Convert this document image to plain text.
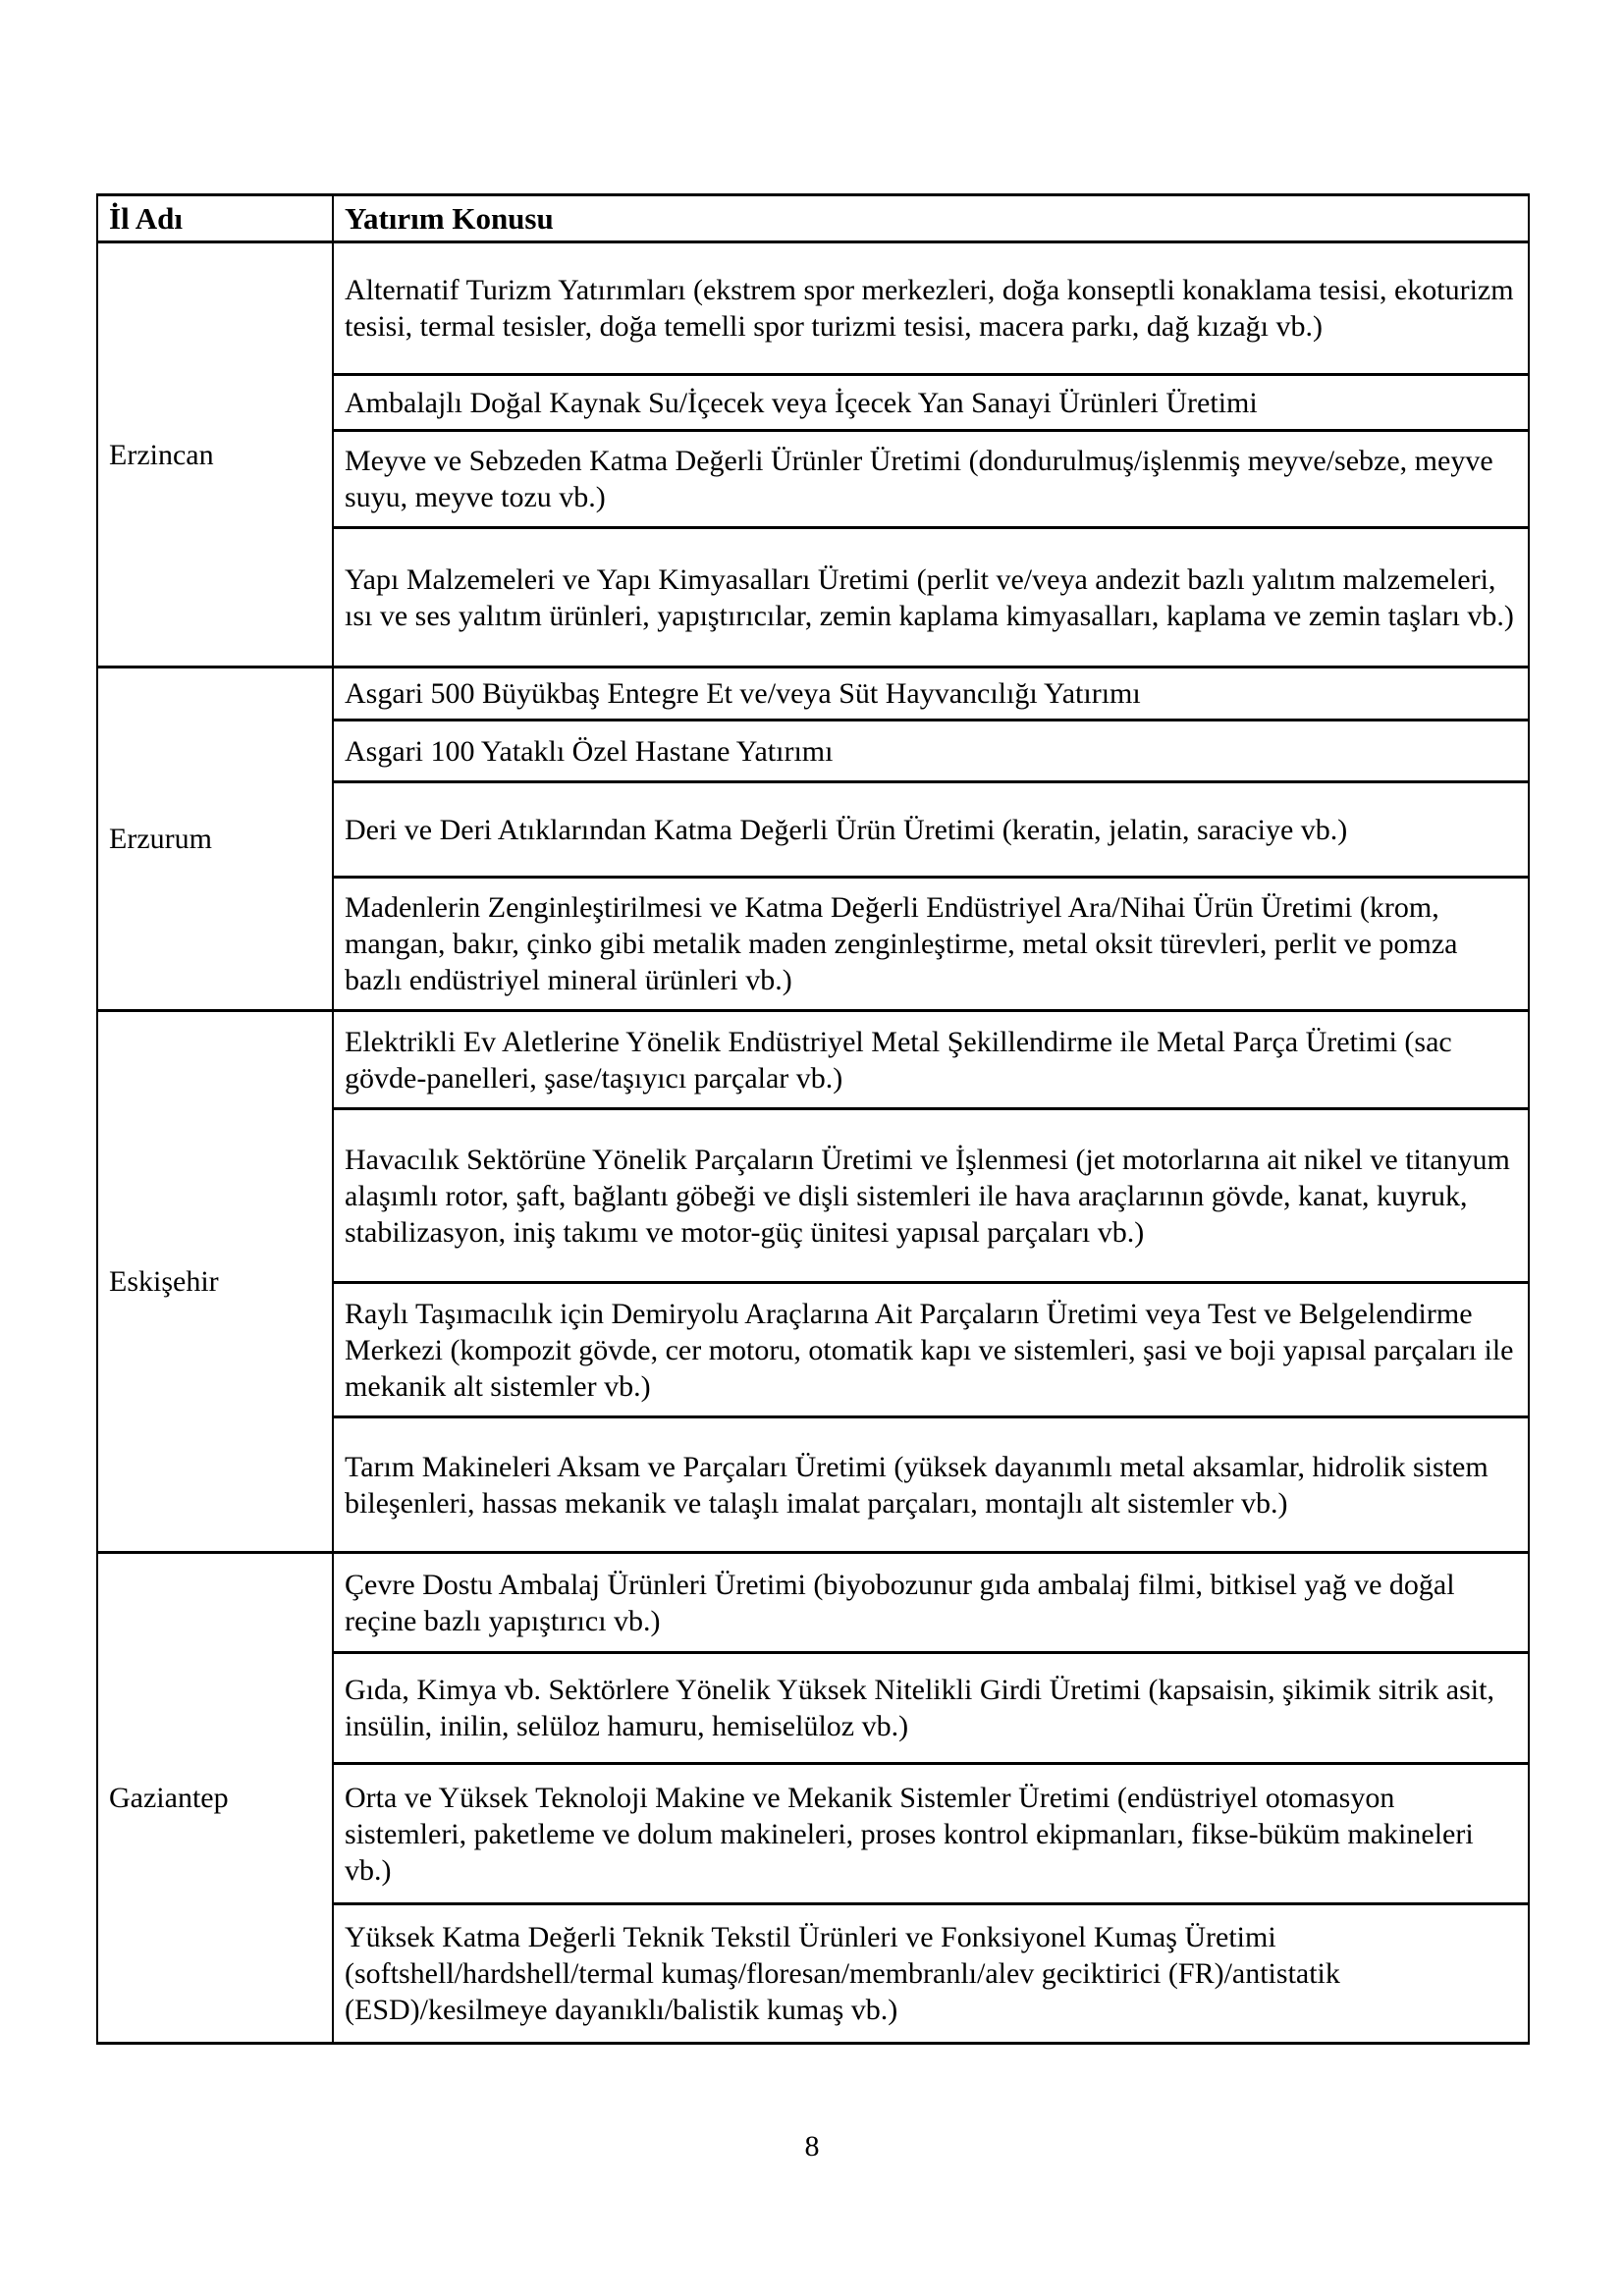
İl Adı	Yatırım Konusu
Erzincan	Alternatif Turizm Yatırımları (ekstrem spor merkezleri, doğa konseptli konaklama tesisi, ekoturizm tesisi, termal tesisler, doğa temelli spor turizmi tesisi, macera parkı, dağ kızağı vb.)
	Ambalajlı Doğal Kaynak Su/İçecek veya İçecek Yan Sanayi Ürünleri Üretimi
	Meyve ve Sebzeden Katma Değerli Ürünler Üretimi (dondurulmuş/işlenmiş meyve/sebze, meyve suyu, meyve tozu vb.)
	Yapı Malzemeleri ve Yapı Kimyasalları Üretimi (perlit ve/veya andezit bazlı yalıtım malzemeleri, ısı ve ses yalıtım ürünleri, yapıştırıcılar, zemin kaplama kimyasalları, kaplama ve zemin taşları vb.)
Erzurum	Asgari 500 Büyükbaş Entegre Et ve/veya Süt Hayvancılığı Yatırımı
	Asgari 100 Yataklı Özel Hastane Yatırımı
	Deri ve Deri Atıklarından Katma Değerli Ürün Üretimi (keratin, jelatin, saraciye vb.)
	Madenlerin Zenginleştirilmesi ve Katma Değerli Endüstriyel Ara/Nihai Ürün Üretimi (krom, mangan, bakır, çinko gibi metalik maden zenginleştirme, metal oksit türevleri, perlit ve pomza bazlı endüstriyel mineral ürünleri vb.)
Eskişehir	Elektrikli Ev Aletlerine Yönelik Endüstriyel Metal Şekillendirme ile Metal Parça Üretimi (sac gövde-panelleri, şase/taşıyıcı parçalar vb.)
	Havacılık Sektörüne Yönelik Parçaların Üretimi ve İşlenmesi (jet motorlarına ait nikel ve titanyum alaşımlı rotor, şaft, bağlantı göbeği ve dişli sistemleri ile hava araçlarının gövde, kanat, kuyruk, stabilizasyon, iniş takımı ve motor-güç ünitesi yapısal parçaları vb.)
	Raylı Taşımacılık için Demiryolu Araçlarına Ait Parçaların Üretimi veya Test ve Belgelendirme Merkezi (kompozit gövde, cer motoru, otomatik kapı ve sistemleri, şasi ve boji yapısal parçaları ile mekanik alt sistemler vb.)
	Tarım Makineleri Aksam ve Parçaları Üretimi (yüksek dayanımlı metal aksamlar, hidrolik sistem bileşenleri, hassas mekanik ve talaşlı imalat parçaları, montajlı alt sistemler vb.)
Gaziantep	Çevre Dostu Ambalaj Ürünleri Üretimi (biyobozunur gıda ambalaj filmi, bitkisel yağ ve doğal reçine bazlı yapıştırıcı vb.)
	Gıda, Kimya vb. Sektörlere Yönelik Yüksek Nitelikli Girdi Üretimi (kapsaisin, şikimik sitrik asit, insülin, inilin, selüloz hamuru, hemiselüloz vb.)
	Orta ve Yüksek Teknoloji Makine ve Mekanik Sistemler Üretimi (endüstriyel otomasyon sistemleri, paketleme ve dolum makineleri, proses kontrol ekipmanları, fikse-büküm makineleri vb.)
	Yüksek Katma Değerli Teknik Tekstil Ürünleri ve Fonksiyonel Kumaş Üretimi (softshell/hardshell/termal kumaş/floresan/membranlı/alev geciktirici (FR)/antistatik (ESD)/kesilmeye dayanıklı/balistik kumaş vb.)
8
